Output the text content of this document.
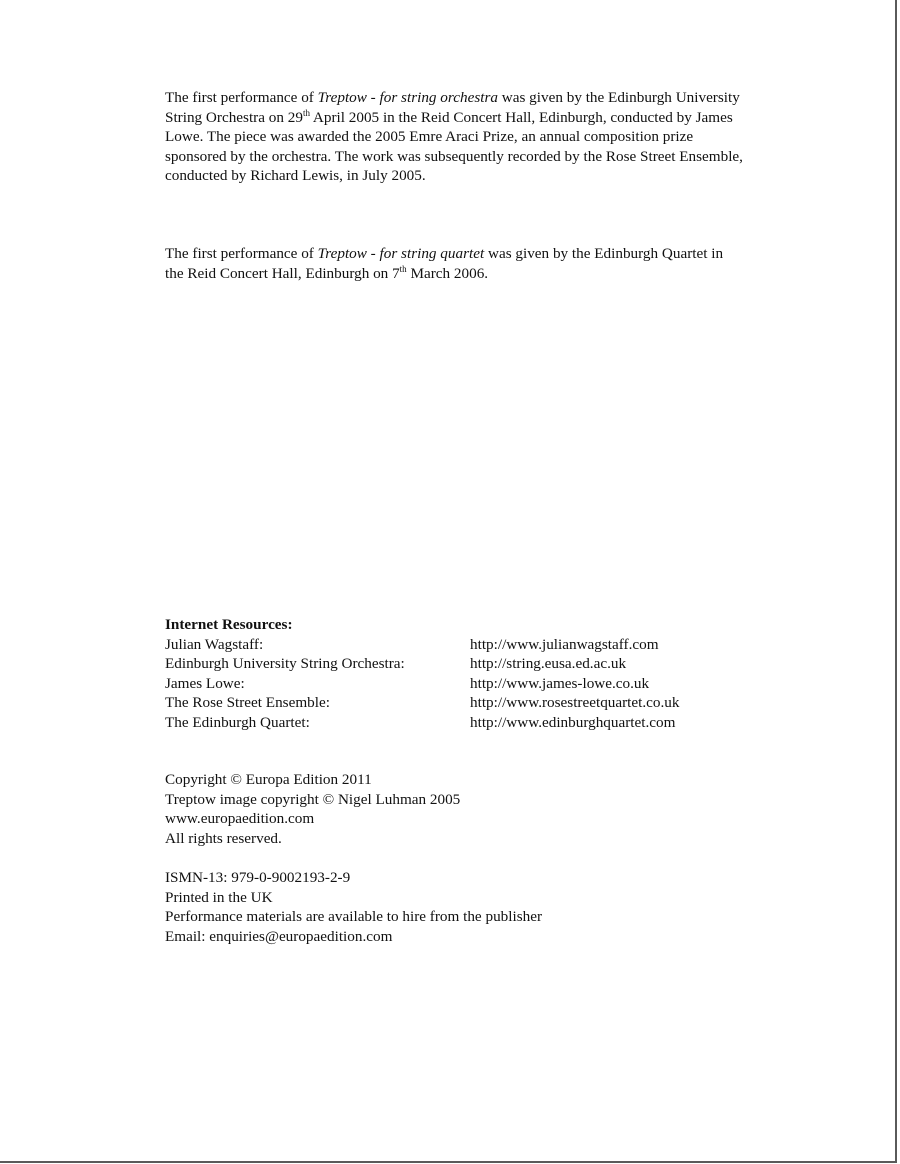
The first performance of Treptow - for string orchestra was given by the Edinburgh University String Orchestra on 29th April 2005 in the Reid Concert Hall, Edinburgh, conducted by James Lowe. The piece was awarded the 2005 Emre Araci Prize, an annual composition prize sponsored by the orchestra. The work was subsequently recorded by the Rose Street Ensemble, conducted by Richard Lewis, in July 2005.

The first performance of Treptow - for string quartet was given by the Edinburgh Quartet in the Reid Concert Hall, Edinburgh on 7th March 2006.

Internet Resources:
Julian Wagstaff:	http://www.julianwagstaff.com
Edinburgh University String Orchestra:	http://string.eusa.ed.ac.uk
James Lowe:	http://www.james-lowe.co.uk
The Rose Street Ensemble:	http://www.rosestreetquartet.co.uk
The Edinburgh Quartet:	http://www.edinburghquartet.com
Copyright © Europa Edition 2011
Treptow image copyright © Nigel Luhman 2005
www.europaedition.com
All rights reserved.
ISMN-13: 979-0-9002193-2-9
Printed in the UK
Performance materials are available to hire from the publisher
Email: enquiries@europaedition.com
